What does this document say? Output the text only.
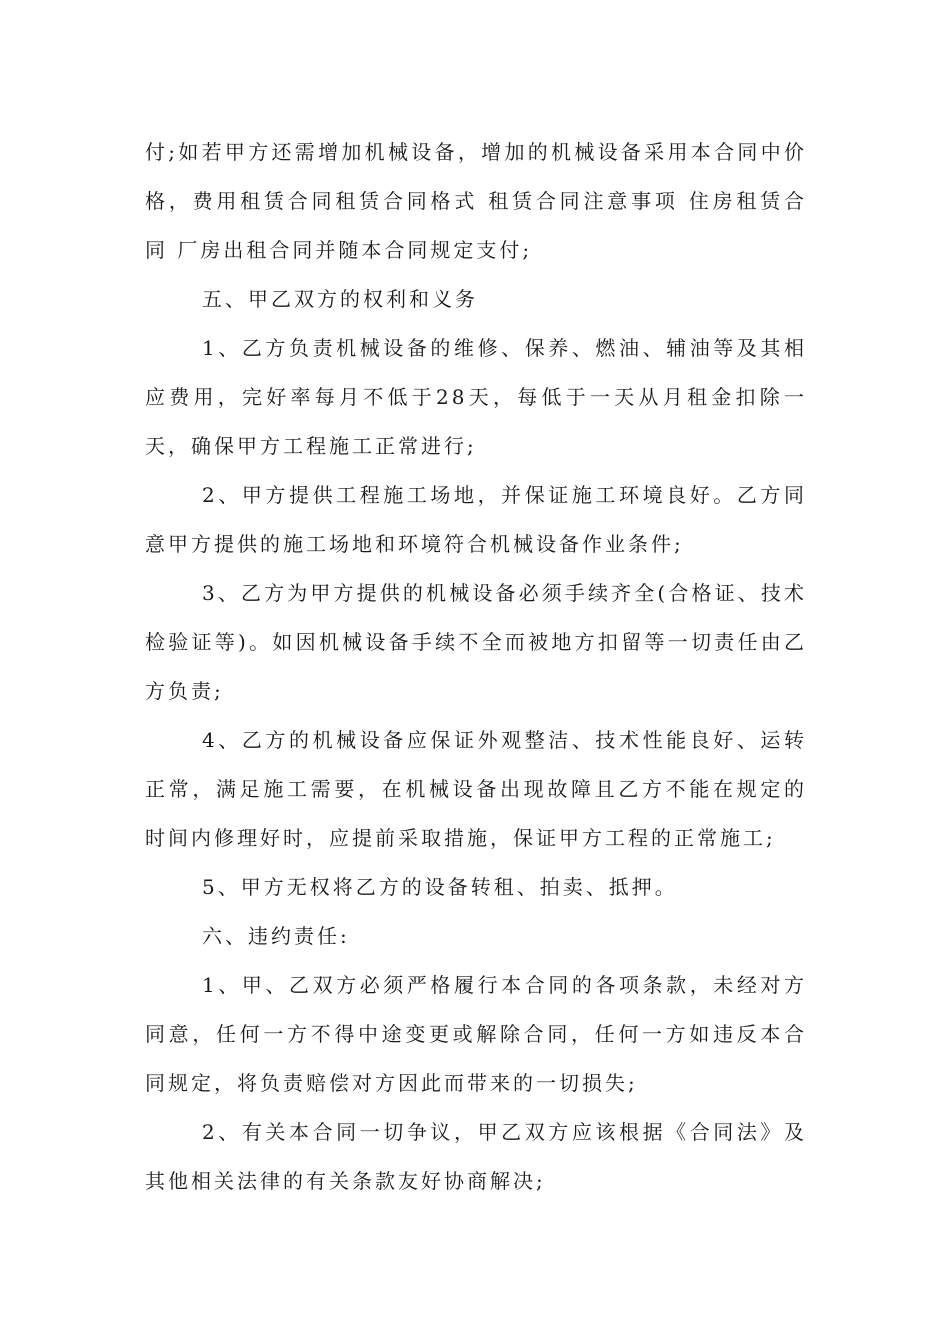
付;如若甲方还需增加机械设备，增加的机械设备采用本合同中价格，费用租赁合同租赁合同格式 租赁合同注意事项 住房租赁合同 厂房出租合同并随本合同规定支付;

五、甲乙双方的权利和义务

1、乙方负责机械设备的维修、保养、燃油、辅油等及其相应费用，完好率每月不低于28天，每低于一天从月租金扣除一天，确保甲方工程施工正常进行;

2、甲方提供工程施工场地，并保证施工环境良好。乙方同意甲方提供的施工场地和环境符合机械设备作业条件;

3、乙方为甲方提供的机械设备必须手续齐全(合格证、技术检验证等)。如因机械设备手续不全而被地方扣留等一切责任由乙方负责;

4、乙方的机械设备应保证外观整洁、技术性能良好、运转正常，满足施工需要，在机械设备出现故障且乙方不能在规定的时间内修理好时，应提前采取措施，保证甲方工程的正常施工;

5、甲方无权将乙方的设备转租、拍卖、抵押。

六、违约责任:

1、甲、乙双方必须严格履行本合同的各项条款，未经对方同意，任何一方不得中途变更或解除合同，任何一方如违反本合同规定，将负责赔偿对方因此而带来的一切损失;

2、有关本合同一切争议，甲乙双方应该根据《合同法》及其他相关法律的有关条款友好协商解决;
